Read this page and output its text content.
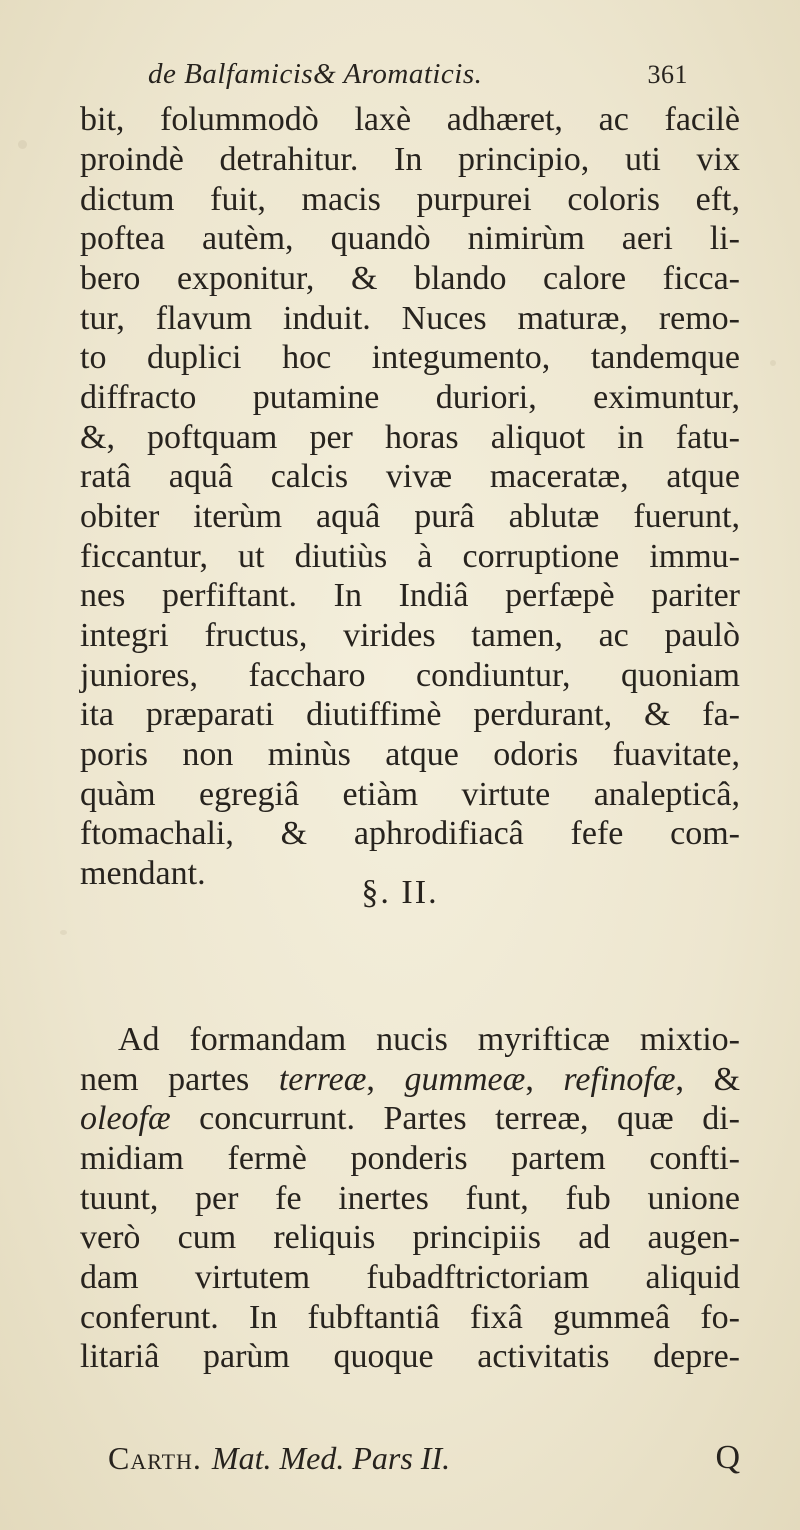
de Balfamicis& Aromaticis.	361
bit, folummodò laxè adhæret, ac facilè
proindè detrahitur. In principio, uti vix
dictum fuit, macis purpurei coloris eft,
poftea autèm, quandò nimirùm aeri li-
bero exponitur, & blando calore ficca-
tur, flavum induit. Nuces maturæ, remo-
to duplici hoc integumento, tandemque
diffracto putamine duriori, eximuntur,
&, poftquam per horas aliquot in fatu-
ratâ aquâ calcis vivæ maceratæ, atque
obiter iterùm aquâ purâ ablutæ fuerunt,
ficcantur, ut diutiùs à corruptione immu-
nes perfiftant. In Indiâ perfæpè pariter
integri fructus, virides tamen, ac paulò
juniores, faccharo condiuntur, quoniam
ita præparati diutiffimè perdurant, & fa-
poris non minùs atque odoris fuavitate,
quàm egregiâ etiàm virtute analepticâ,
ftomachali, & aphrodifiacâ fefe com-
mendant.
§. II.
Ad formandam nucis myrifticæ mixtio-
nem partes terreæ, gummeæ, refinofæ, &
oleofæ concurrunt. Partes terreæ, quæ di-
midiam fermè ponderis partem confti-
tuunt, per fe inertes funt, fub unione
verò cum reliquis principiis ad augen-
dam virtutem fubadftrictoriam aliquid
conferunt. In fubftantiâ fixâ gummeâ fo-
litariâ parùm quoque activitatis depre-
Carth. Mat. Med. Pars II.	Q
